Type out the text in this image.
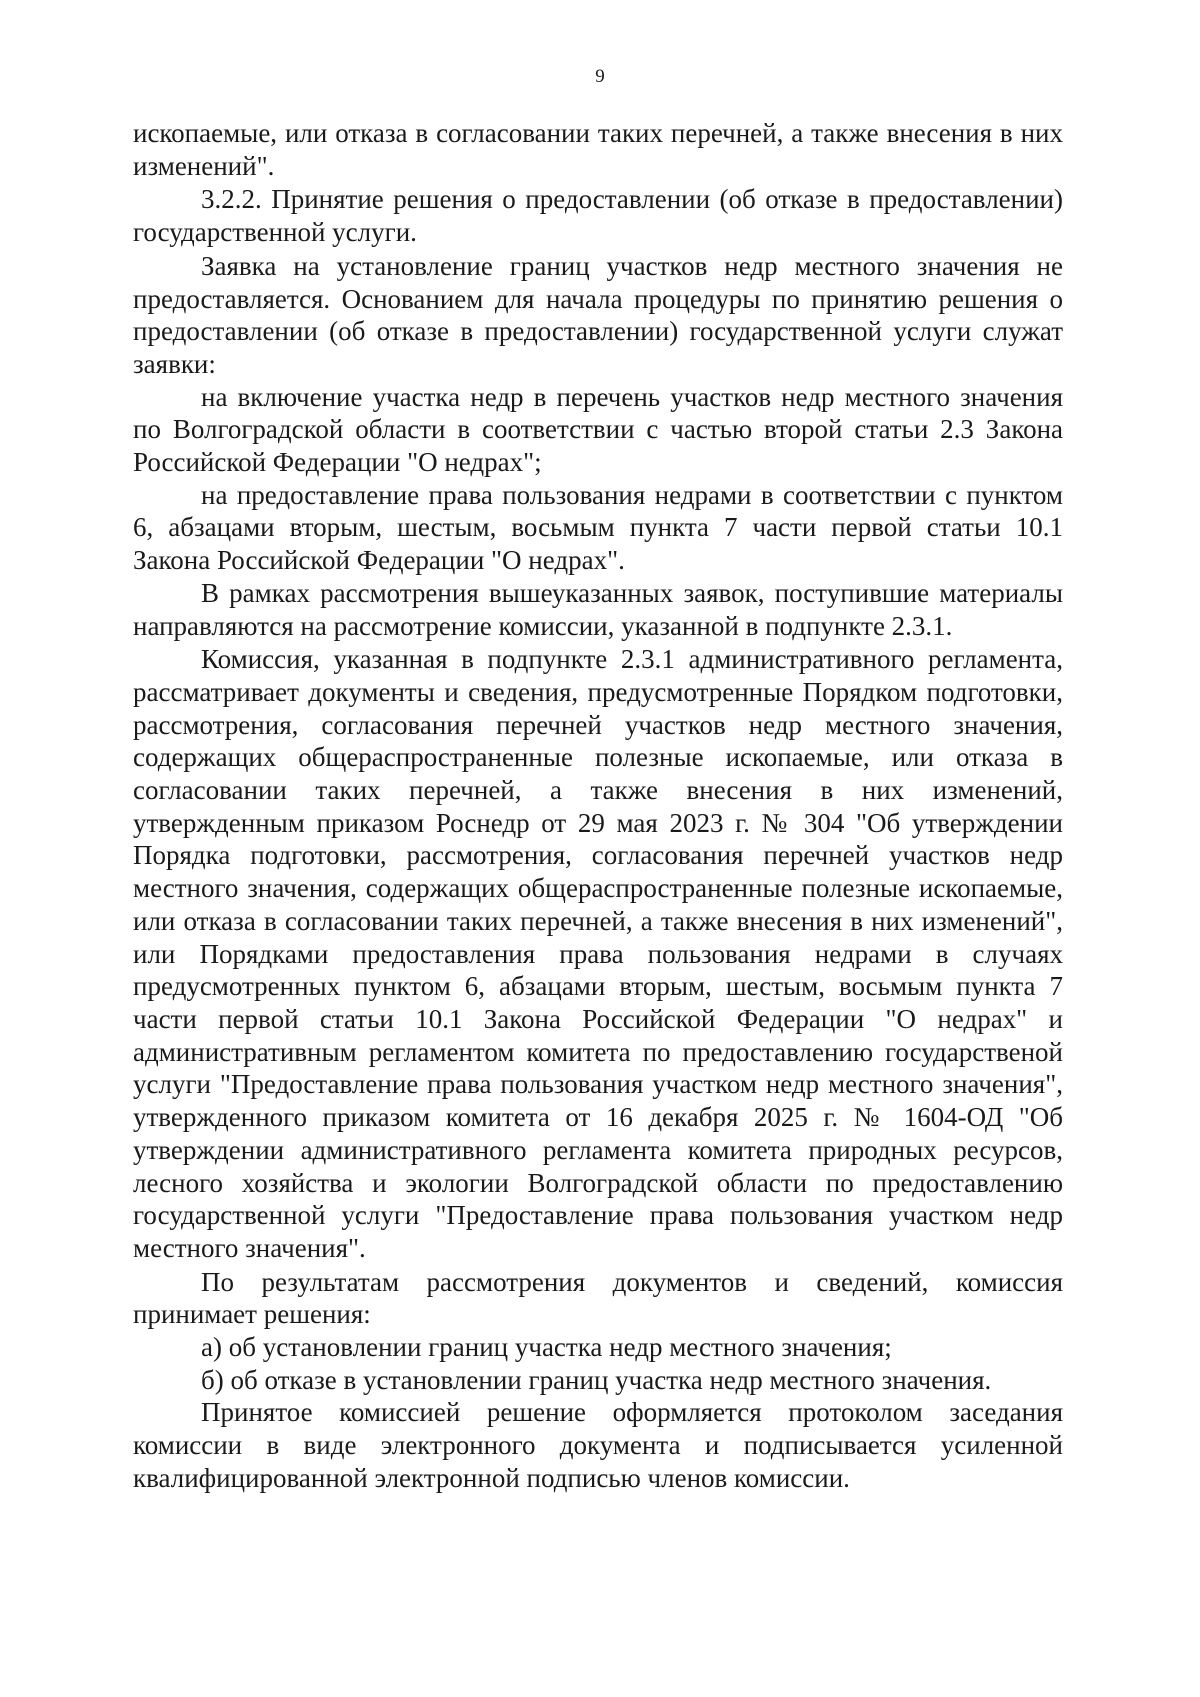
9

ископаемые, или отказа в согласовании таких перечней, а также внесения в них изменений".

3.2.2. Принятие решения о предоставлении (об отказе в предоставлении) государственной услуги.

Заявка на установление границ участков недр местного значения не предоставляется. Основанием для начала процедуры по принятию решения о предоставлении (об отказе в предоставлении) государственной услуги служат заявки:

на включение участка недр в перечень участков недр местного значения по Волгоградской области в соответствии с частью второй статьи 2.3 Закона Российской Федерации "О недрах";

на предоставление права пользования недрами в соответствии с пунктом 6, абзацами вторым, шестым, восьмым пункта 7 части первой статьи 10.1 Закона Российской Федерации "О недрах".

В рамках рассмотрения вышеуказанных заявок, поступившие материалы направляются на рассмотрение комиссии, указанной в подпункте 2.3.1.

Комиссия, указанная в подпункте 2.3.1 административного регламента, рассматривает документы и сведения, предусмотренные Порядком подготовки, рассмотрения, согласования перечней участков недр местного значения, содержащих общераспространенные полезные ископаемые, или отказа в согласовании таких перечней, а также внесения в них изменений, утвержденным приказом Роснедр от 29 мая 2023 г. № 304 "Об утверждении Порядка подготовки, рассмотрения, согласования перечней участков недр местного значения, содержащих общераспространенные полезные ископаемые, или отказа в согласовании таких перечней, а также внесения в них изменений", или Порядками предоставления права пользования недрами в случаях предусмотренных пунктом 6, абзацами вторым, шестым, восьмым пункта 7 части первой статьи 10.1 Закона Российской Федерации "О недрах" и административным регламентом комитета по предоставлению государственой услуги "Предоставление права пользования участком недр местного значения", утвержденного приказом комитета от 16 декабря 2025 г. № 1604-ОД "Об утверждении административного регламента комитета природных ресурсов, лесного хозяйства и экологии Волгоградской области по предоставлению государственной услуги "Предоставление права пользования участком недр местного значения".

По результатам рассмотрения документов и сведений, комиссия принимает решения:

а) об установлении границ участка недр местного значения;

б) об отказе в установлении границ участка недр местного значения.

Принятое комиссией решение оформляется протоколом заседания комиссии в виде электронного документа и подписывается усиленной квалифицированной электронной подписью членов комиссии.
